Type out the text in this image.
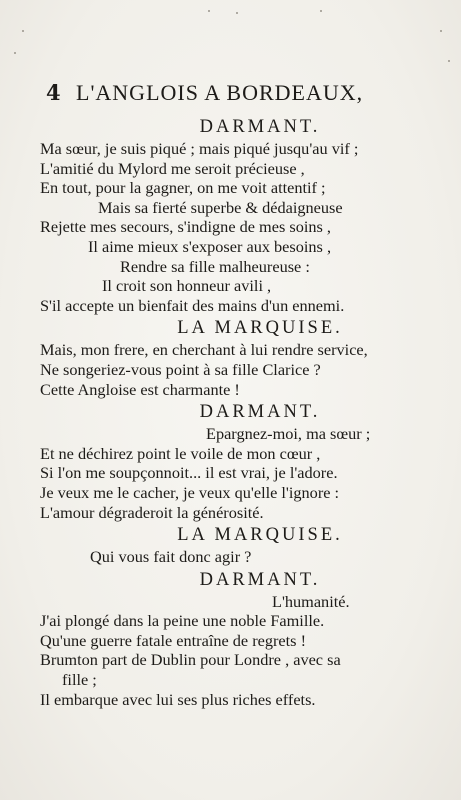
4 L'ANGLOIS A BORDEAUX,
DARMANT.
Ma sœur, je suis piqué ; mais piqué jusqu'au vif ;
L'amitié du Mylord me seroit précieuse ,
En tout, pour la gagner, on me voit attentif ;
Mais sa fierté superbe & dédaigneuse
Rejette mes secours, s'indigne de mes soins ,
Il aime mieux s'exposer aux besoins ,
Rendre sa fille malheureuse :
Il croit son honneur avili ,
S'il accepte un bienfait des mains d'un ennemi.
LA MARQUISE.
Mais, mon frere, en cherchant à lui rendre service,
Ne songeriez-vous point à sa fille Clarice ?
Cette Angloise est charmante !
DARMANT.
Epargnez-moi, ma sœur ;
Et ne déchirez point le voile de mon cœur ,
Si l'on me soupçonnoit... il est vrai, je l'adore.
Je veux me le cacher, je veux qu'elle l'ignore :
L'amour dégraderoit la générosité.
LA MARQUISE.
Qui vous fait donc agir ?
DARMANT.
L'humanité.
J'ai plongé dans la peine une noble Famille.
Qu'une guerre fatale entraîne de regrets !
Brumton part de Dublin pour Londre , avec sa
fille ;
Il embarque avec lui ses plus riches effets.
